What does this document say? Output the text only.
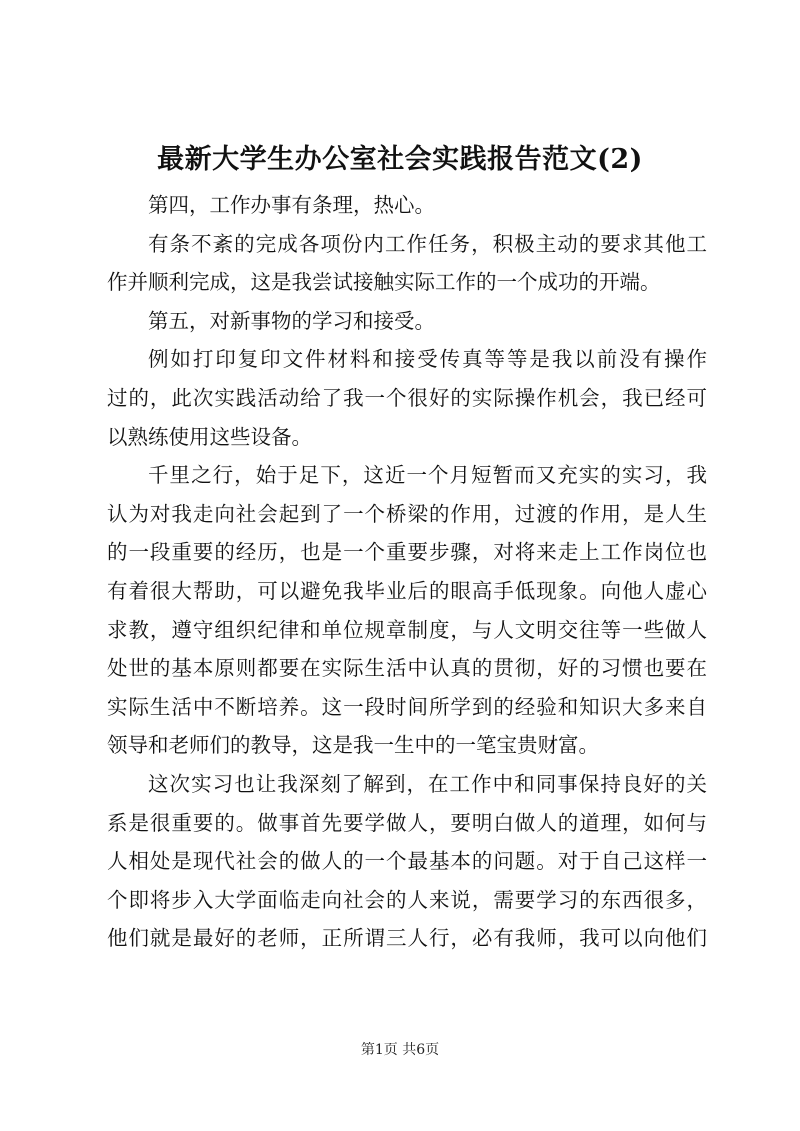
最新大学生办公室社会实践报告范文(2)

第四，工作办事有条理，热心。

有条不紊的完成各项份内工作任务，积极主动的要求其他工

作并顺利完成，这是我尝试接触实际工作的一个成功的开端。

第五，对新事物的学习和接受。

例如打印复印文件材料和接受传真等等是我以前没有操作

过的，此次实践活动给了我一个很好的实际操作机会，我已经可

以熟练使用这些设备。

千里之行，始于足下，这近一个月短暂而又充实的实习，我

认为对我走向社会起到了一个桥梁的作用，过渡的作用，是人生

的一段重要的经历，也是一个重要步骤，对将来走上工作岗位也

有着很大帮助，可以避免我毕业后的眼高手低现象。向他人虚心

求教，遵守组织纪律和单位规章制度，与人文明交往等一些做人

处世的基本原则都要在实际生活中认真的贯彻，好的习惯也要在

实际生活中不断培养。这一段时间所学到的经验和知识大多来自

领导和老师们的教导，这是我一生中的一笔宝贵财富。

这次实习也让我深刻了解到，在工作中和同事保持良好的关

系是很重要的。做事首先要学做人，要明白做人的道理，如何与

人相处是现代社会的做人的一个最基本的问题。对于自己这样一

个即将步入大学面临走向社会的人来说，需要学习的东西很多，

他们就是最好的老师，正所谓三人行，必有我师，我可以向他们

第1页 共6页
